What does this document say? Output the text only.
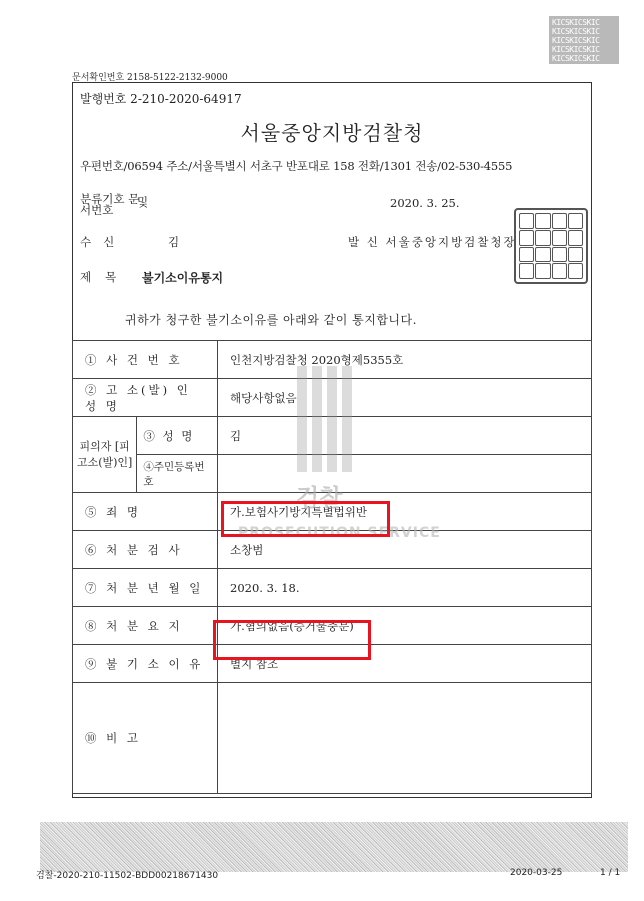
KICSKICSKIC
KICSKICSKIC
KICSKICSKIC
KICSKICSKIC
KICSKICSKIC
문서확인번호 2158-5122-2132-9000
발행번호 2-210-2020-64917
서울중앙지방검찰청
우편번호/06594 주소/서울특별시 서초구 반포대로 158 전화/1301 전송/02-530-4555
분류기호 문서번호
및	2020. 3. 25.
수신	김	발 신 서울중앙지방검찰청장
제목 불기소이유통지
귀하가 청구한 불기소이유를 아래와 같이 통지합니다.
① 사 건 번 호		인천지방검찰청 2020형제5355호
② 고 소(발) 인 성 명		해당사항없음
피의자 [피고소(발)인]	③ 성 명	김
	④주민등록번호	
⑤ 죄 명		가.보험사기방지특별법위반
⑥ 처 분 검 사		소창범
⑦ 처 분 년 월 일		2020. 3. 18.
⑧ 처 분 요 지		가.혐의없음(증거불충분)
⑨ 불 기 소 이 유		별지 참조
⑩ 비 고		
검찰
PROSECUTION SERVICE
검찰-2020-210-11502-BDD00218671430	2020-03-25	1 / 1
